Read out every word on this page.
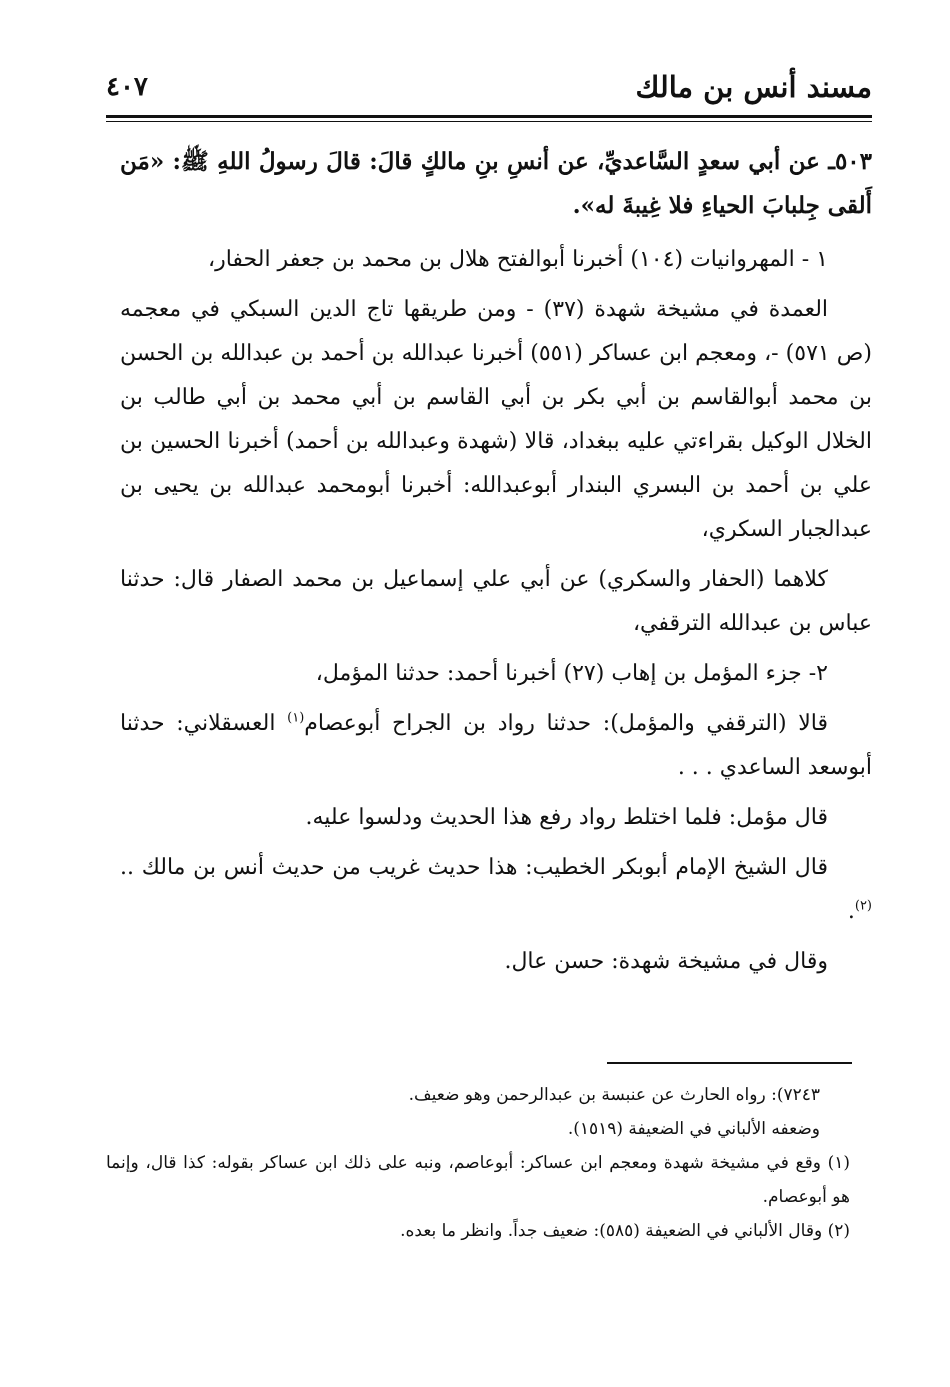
مسند أنس بن مالك
٤٠٧

٥٠٣ـ عن أبي سعدٍ السَّاعديِّ، عن أنسِ بنِ مالكٍ قالَ: قالَ رسولُ اللهِ ﷺ: «مَن أَلقى جِلبابَ الحياءِ فلا غِيبةَ له».

١ - المهروانيات (١٠٤) أخبرنا أبوالفتح هلال بن محمد بن جعفر الحفار،

العمدة في مشيخة شهدة (٣٧) - ومن طريقها تاج الدين السبكي في معجمه (ص ٥٧١) -، ومعجم ابن عساكر (٥٥١) أخبرنا عبدالله بن أحمد بن عبدالله بن الحسن بن محمد أبوالقاسم بن أبي بكر بن أبي القاسم بن أبي محمد بن أبي طالب بن الخلال الوكيل بقراءتي عليه ببغداد، قالا (شهدة وعبدالله بن أحمد) أخبرنا الحسين بن علي بن أحمد بن البسري البندار أبوعبدالله: أخبرنا أبومحمد عبدالله بن يحيى بن عبدالجبار السكري،

كلاهما (الحفار والسكري) عن أبي علي إسماعيل بن محمد الصفار قال: حدثنا عباس بن عبدالله الترقفي،

٢- جزء المؤمل بن إهاب (٢٧) أخبرنا أحمد: حدثنا المؤمل،

قالا (الترقفي والمؤمل): حدثنا رواد بن الجراح أبوعصام$^{(١)}$ العسقلاني: حدثنا أبوسعد الساعدي . . .

قال مؤمل: فلما اختلط رواد رفع هذا الحديث ودلسوا عليه.

قال الشيخ الإمام أبوبكر الخطيب: هذا حديث غريب من حديث أنس بن مالك ..$^{(٢)}$.

وقال في مشيخة شهدة: حسن عال.

٧٢٤٣): رواه الحارث عن عنبسة بن عبدالرحمن وهو ضعيف.

وضعفه الألباني في الضعيفة (١٥١٩).

(١) وقع في مشيخة شهدة ومعجم ابن عساكر: أبوعاصم، ونبه على ذلك ابن عساكر بقوله: كذا قال، وإنما هو أبوعصام.

(٢) وقال الألباني في الضعيفة (٥٨٥): ضعيف جداً. وانظر ما بعده.
